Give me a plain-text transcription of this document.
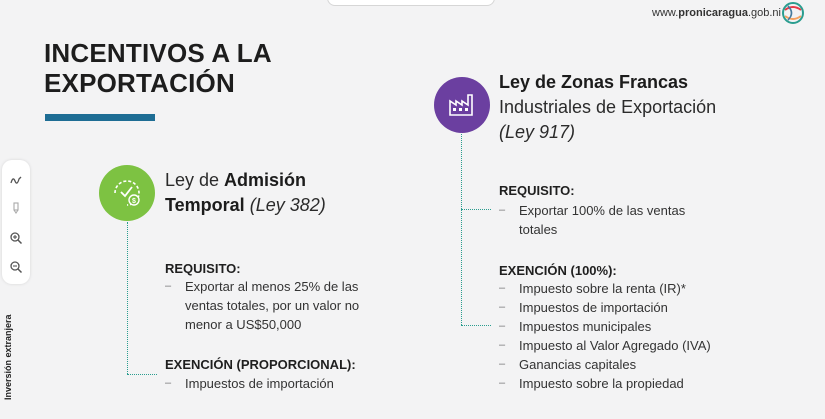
www.pronicaragua.gob.ni
INCENTIVOS A LA
EXPORTACIÓN
Inversión extranjera
$
Ley de Admisión Temporal (Ley 382)
REQUISITO:
– Exportar al menos 25% de las ventas totales, por un valor no menor a US$50,000
EXENCIÓN (PROPORCIONAL):
– Impuestos de importación
Ley de Zonas Francas
Industriales de Exportación (Ley 917)
REQUISITO:
– Exportar 100% de las ventas totales
EXENCIÓN (100%):
– Impuesto sobre la renta (IR)*
– Impuestos de importación
– Impuestos municipales
– Impuesto al Valor Agregado (IVA)
– Ganancias capitales
– Impuesto sobre la propiedad
